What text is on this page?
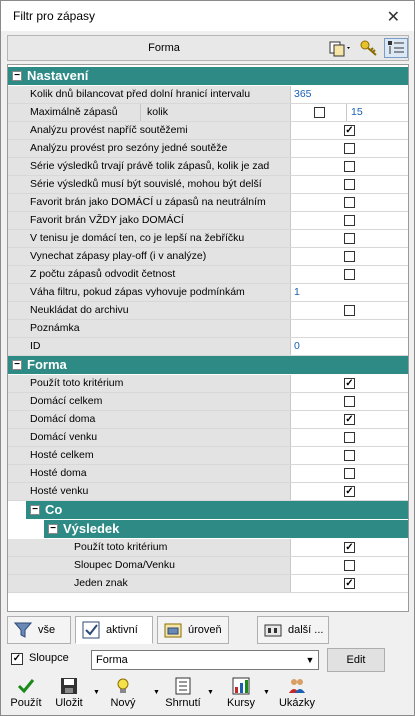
Filtr pro zápasy	✕
Forma
− Nastavení
Kolik dnů bilancovat před dolní hranicí intervalu	365
Maximálně zápasů	kolik	15
Analýzu provést napříč soutěžemi	✓
Analýzu provést pro sezóny jedné soutěže
Série výsledků trvají právě tolik zápasů, kolik je zad
Série výsledků musí být souvislé, mohou být delší
Favorit brán jako DOMÁCÍ u zápasů na neutrálním
Favorit brán VŽDY jako DOMÁCÍ
V tenisu je domácí ten, co je lepší na žebříčku
Vynechat zápasy play-off (i v analýze)
Z počtu zápasů odvodit četnost
Váha filtru, pokud zápas vyhovuje podmínkám	1
Neukládat do archivu
Poznámka
ID	0
− Forma
Použít toto kritérium	✓
Domácí celkem
Domácí doma	✓
Domácí venku
Hosté celkem
Hosté doma
Hosté venku	✓
− Co
− Výsledek
Použít toto kritérium	✓
Sloupec Doma/Venku
Jeden znak	✓
vše	aktivní	úroveň	další ...
✓ Sloupce	Forma	▼	Edit
Použít	Uložit
▼
Nový
▼
Shrnutí
▼
Kursy
▼
Ukázky
